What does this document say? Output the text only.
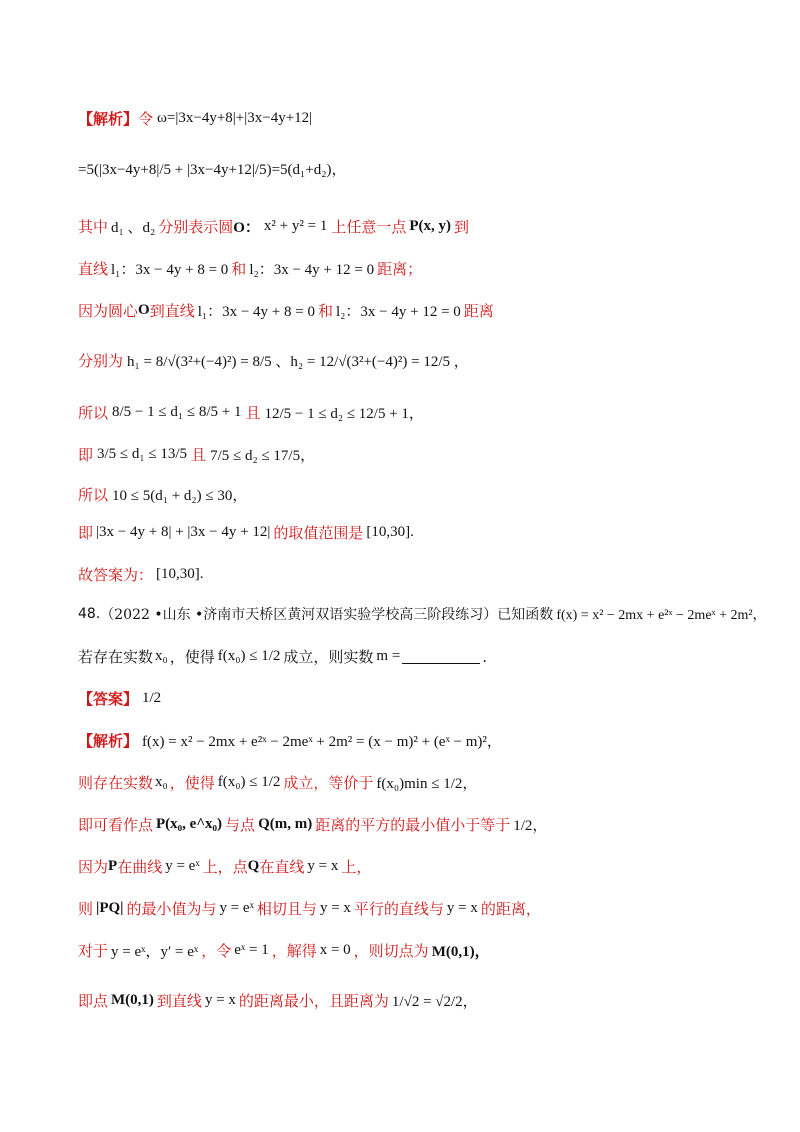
【解析】 令 ω=|3x−4y+8|+|3x−4y+12|
=5(|3x−4y+8|/5 + |3x−4y+12|/5)=5(d₁+d₂)，
其中 d₁ 、d₂ 分别表示圆 O： x² + y² = 1 上任意一点 P(x, y) 到
直线 l₁：3x − 4y + 8 = 0 和 l₂：3x − 4y + 12 = 0 距离；
因为圆心 O 到直线 l₁：3x − 4y + 8 = 0 和 l₂：3x − 4y + 12 = 0 距离
分别为 h₁ = 8/√(3²+(−4)²) = 8/5 、h₂ = 12/√(3²+(−4)²) = 12/5 ，
所以 8/5 − 1 ≤ d₁ ≤ 8/5 + 1 且 12/5 − 1 ≤ d₂ ≤ 12/5 + 1，
即 3/5 ≤ d₁ ≤ 13/5 且 7/5 ≤ d₂ ≤ 17/5，
所以 10 ≤ 5(d₁ + d₂) ≤ 30，
即 |3x − 4y + 8| + |3x − 4y + 12| 的取值范围是 [10,30].
故答案为： [10,30].
48. （2022 •山东 •济南市天桥区黄河双语实验学校高三阶段练习）已知函数 f(x) = x² − 2mx + e²ˣ − 2meˣ + 2m²，
若存在实数 x₀ ，使得 f(x₀) ≤ 1/2 成立，则实数 m =	.
【答案】 1/2
【解析】 f(x) = x² − 2mx + e²ˣ − 2meˣ + 2m² = (x − m)² + (eˣ − m)²，
则存在实数 x₀ ，使得 f(x₀) ≤ 1/2 成立，等价于 f(x₀)min ≤ 1/2，
即可看作点 P(x₀, e^x₀) 与点 Q(m, m) 距离的平方的最小值小于等于 1/2，
因为 P 在曲线 y = eˣ 上，点 Q 在直线 y = x 上，
则 |PQ| 的最小值为与 y = eˣ 相切且与 y = x 平行的直线与 y = x 的距离，
对于 y = eˣ，y′ = eˣ ，令 eˣ = 1 ，解得 x = 0 ，则切点为 M(0,1)，
即点 M(0,1) 到直线 y = x 的距离最小，且距离为 1/√2 = √2/2，
